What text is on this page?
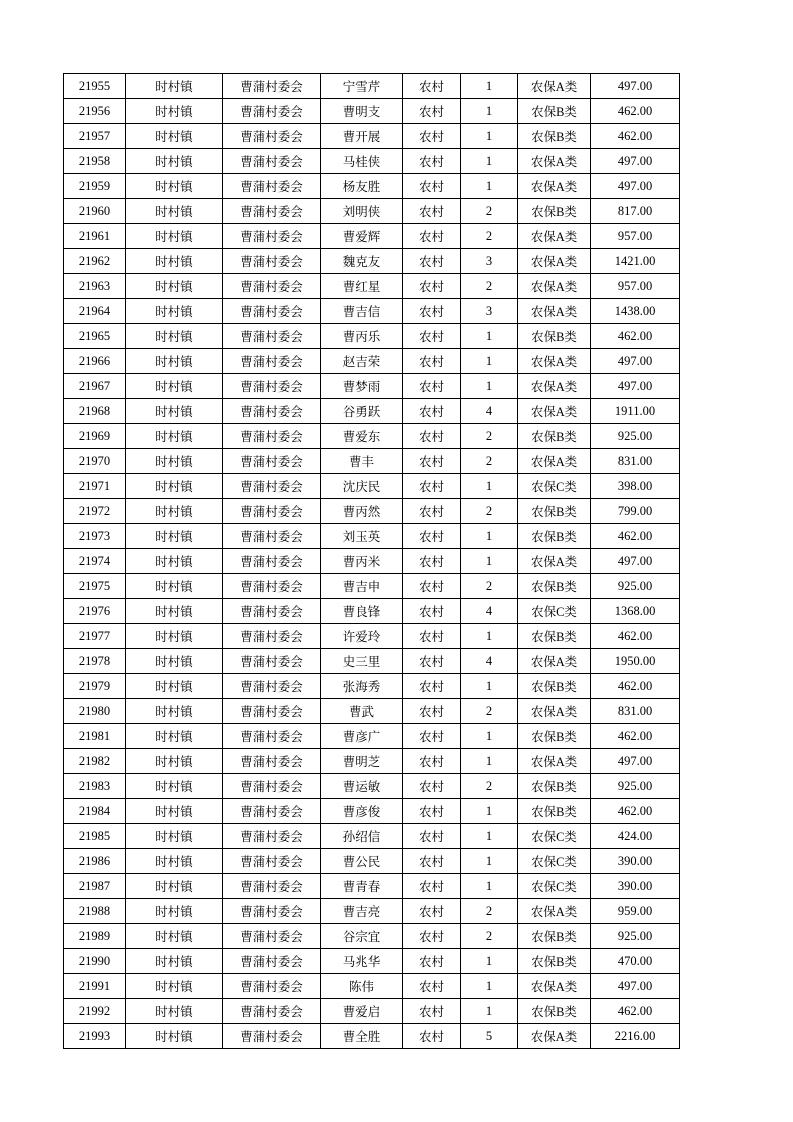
21955	时村镇	曹蒲村委会	宁雪芹	农村	1	农保A类	497.00
21956	时村镇	曹蒲村委会	曹明支	农村	1	农保B类	462.00
21957	时村镇	曹蒲村委会	曹开展	农村	1	农保B类	462.00
21958	时村镇	曹蒲村委会	马桂侠	农村	1	农保A类	497.00
21959	时村镇	曹蒲村委会	杨友胜	农村	1	农保A类	497.00
21960	时村镇	曹蒲村委会	刘明侠	农村	2	农保B类	817.00
21961	时村镇	曹蒲村委会	曹爱辉	农村	2	农保A类	957.00
21962	时村镇	曹蒲村委会	魏克友	农村	3	农保A类	1421.00
21963	时村镇	曹蒲村委会	曹红星	农村	2	农保A类	957.00
21964	时村镇	曹蒲村委会	曹吉信	农村	3	农保A类	1438.00
21965	时村镇	曹蒲村委会	曹丙乐	农村	1	农保B类	462.00
21966	时村镇	曹蒲村委会	赵吉荣	农村	1	农保A类	497.00
21967	时村镇	曹蒲村委会	曹梦雨	农村	1	农保A类	497.00
21968	时村镇	曹蒲村委会	谷勇跃	农村	4	农保A类	1911.00
21969	时村镇	曹蒲村委会	曹爱东	农村	2	农保B类	925.00
21970	时村镇	曹蒲村委会	曹丰	农村	2	农保A类	831.00
21971	时村镇	曹蒲村委会	沈庆民	农村	1	农保C类	398.00
21972	时村镇	曹蒲村委会	曹丙然	农村	2	农保B类	799.00
21973	时村镇	曹蒲村委会	刘玉英	农村	1	农保B类	462.00
21974	时村镇	曹蒲村委会	曹丙米	农村	1	农保A类	497.00
21975	时村镇	曹蒲村委会	曹吉申	农村	2	农保B类	925.00
21976	时村镇	曹蒲村委会	曹良锋	农村	4	农保C类	1368.00
21977	时村镇	曹蒲村委会	许爱玲	农村	1	农保B类	462.00
21978	时村镇	曹蒲村委会	史三里	农村	4	农保A类	1950.00
21979	时村镇	曹蒲村委会	张海秀	农村	1	农保B类	462.00
21980	时村镇	曹蒲村委会	曹武	农村	2	农保A类	831.00
21981	时村镇	曹蒲村委会	曹彦广	农村	1	农保B类	462.00
21982	时村镇	曹蒲村委会	曹明芝	农村	1	农保A类	497.00
21983	时村镇	曹蒲村委会	曹运敏	农村	2	农保B类	925.00
21984	时村镇	曹蒲村委会	曹彦俊	农村	1	农保B类	462.00
21985	时村镇	曹蒲村委会	孙绍信	农村	1	农保C类	424.00
21986	时村镇	曹蒲村委会	曹公民	农村	1	农保C类	390.00
21987	时村镇	曹蒲村委会	曹青春	农村	1	农保C类	390.00
21988	时村镇	曹蒲村委会	曹吉亮	农村	2	农保A类	959.00
21989	时村镇	曹蒲村委会	谷宗宜	农村	2	农保B类	925.00
21990	时村镇	曹蒲村委会	马兆华	农村	1	农保B类	470.00
21991	时村镇	曹蒲村委会	陈伟	农村	1	农保A类	497.00
21992	时村镇	曹蒲村委会	曹爱启	农村	1	农保B类	462.00
21993	时村镇	曹蒲村委会	曹全胜	农村	5	农保A类	2216.00
